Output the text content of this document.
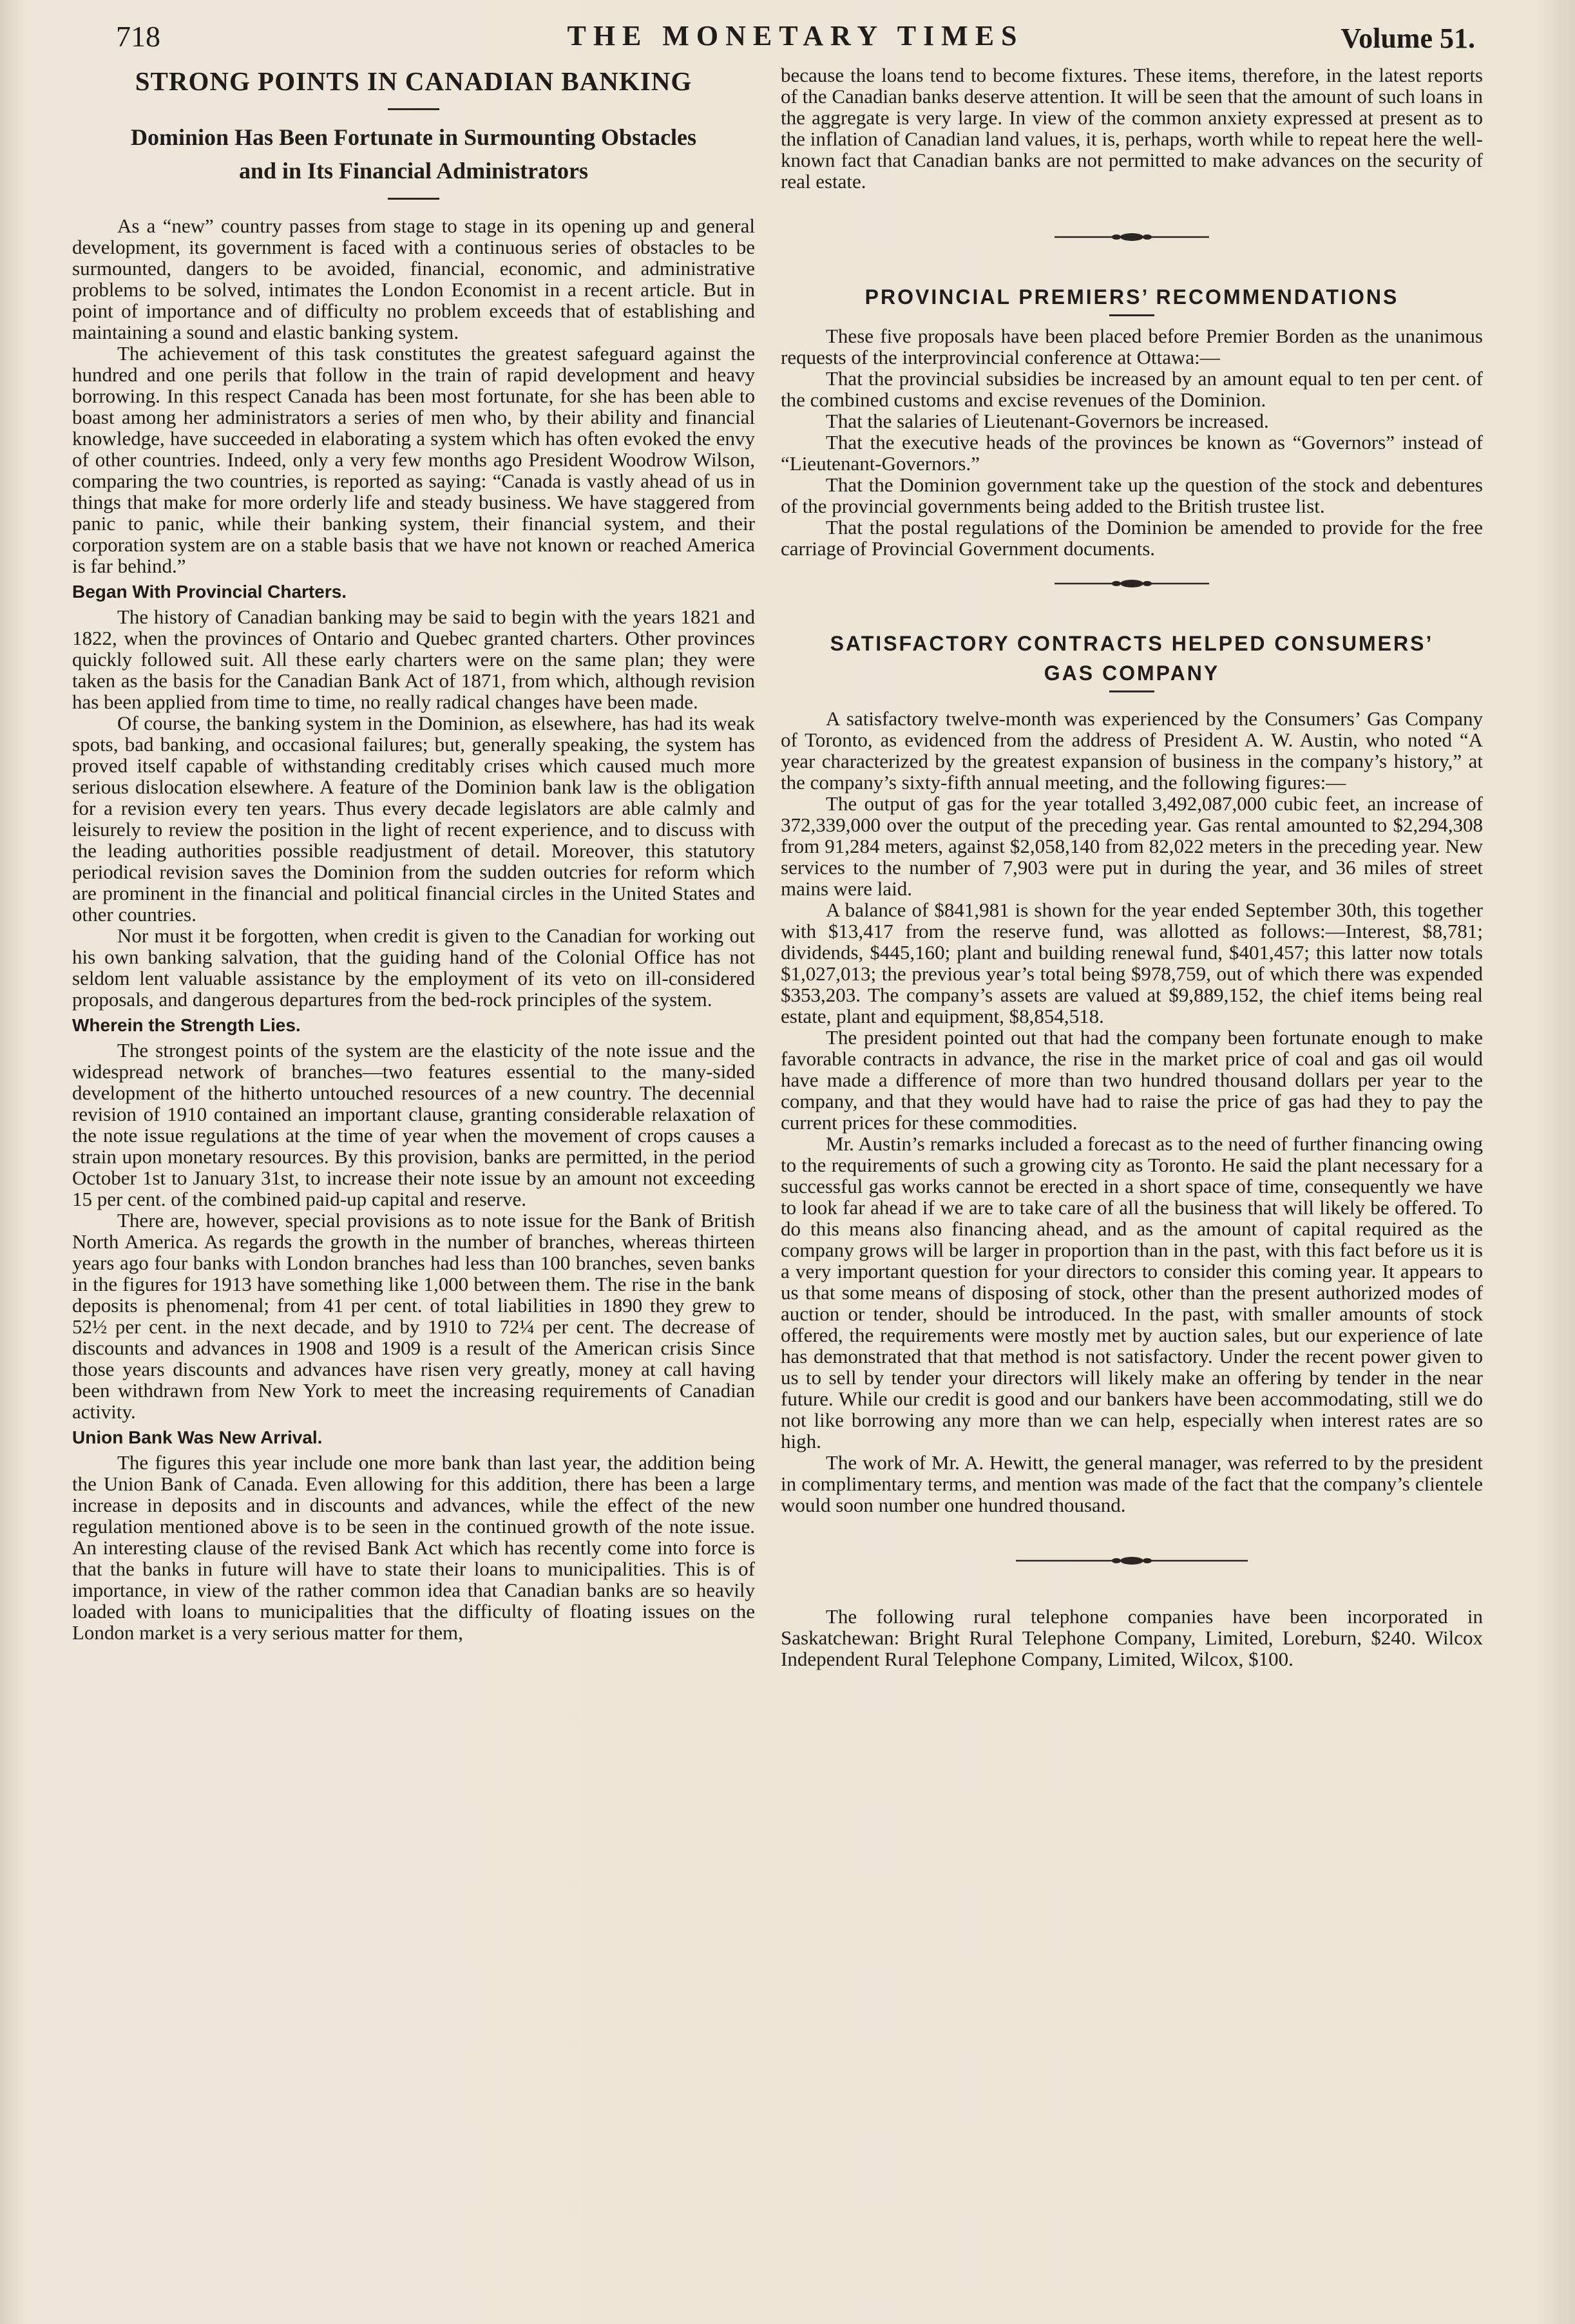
718	THE MONETARY TIMES	Volume 51.
STRONG POINTS IN CANADIAN BANKING
Dominion Has Been Fortunate in Surmounting Obstacles
and in Its Financial Administrators

As a “new” country passes from stage to stage in its opening up and general development, its government is faced with a continuous series of obstacles to be surmounted, dangers to be avoided, financial, economic, and administrative problems to be solved, intimates the London Economist in a recent article. But in point of importance and of difficulty no problem exceeds that of establishing and maintaining a sound and elastic banking system.

The achievement of this task constitutes the greatest safeguard against the hundred and one perils that follow in the train of rapid development and heavy borrowing. In this respect Canada has been most fortunate, for she has been able to boast among her administrators a series of men who, by their ability and financial knowledge, have succeeded in elaborating a system which has often evoked the envy of other countries. Indeed, only a very few months ago President Woodrow Wilson, comparing the two countries, is reported as saying: “Canada is vastly ahead of us in things that make for more orderly life and steady business. We have staggered from panic to panic, while their banking system, their financial system, and their corporation system are on a stable basis that we have not known or reached America is far behind.”

Began With Provincial Charters.

The history of Canadian banking may be said to begin with the years 1821 and 1822, when the provinces of Ontario and Quebec granted charters. Other provinces quickly followed suit. All these early charters were on the same plan; they were taken as the basis for the Canadian Bank Act of 1871, from which, although revision has been applied from time to time, no really radical changes have been made.

Of course, the banking system in the Dominion, as elsewhere, has had its weak spots, bad banking, and occasional failures; but, generally speaking, the system has proved itself capable of withstanding creditably crises which caused much more serious dislocation elsewhere. A feature of the Dominion bank law is the obligation for a revision every ten years. Thus every decade legislators are able calmly and leisurely to review the position in the light of recent experience, and to discuss with the leading authorities possible readjustment of detail. Moreover, this statutory periodical revision saves the Dominion from the sudden outcries for reform which are prominent in the financial and political financial circles in the United States and other countries.

Nor must it be forgotten, when credit is given to the Canadian for working out his own banking salvation, that the guiding hand of the Colonial Office has not seldom lent valuable assistance by the employment of its veto on ill-considered proposals, and dangerous departures from the bed-rock principles of the system.

Wherein the Strength Lies.

The strongest points of the system are the elasticity of the note issue and the widespread network of branches—two features essential to the many-sided development of the hitherto untouched resources of a new country. The decennial revision of 1910 contained an important clause, granting considerable relaxation of the note issue regulations at the time of year when the movement of crops causes a strain upon monetary resources. By this provision, banks are permitted, in the period October 1st to January 31st, to increase their note issue by an amount not exceeding 15 per cent. of the combined paid-up capital and reserve.

There are, however, special provisions as to note issue for the Bank of British North America. As regards the growth in the number of branches, whereas thirteen years ago four banks with London branches had less than 100 branches, seven banks in the figures for 1913 have something like 1,000 between them. The rise in the bank deposits is phenomenal; from 41 per cent. of total liabilities in 1890 they grew to 52½ per cent. in the next decade, and by 1910 to 72¼ per cent. The decrease of discounts and advances in 1908 and 1909 is a result of the American crisis Since those years discounts and advances have risen very greatly, money at call having been withdrawn from New York to meet the increasing requirements of Canadian activity.

Union Bank Was New Arrival.

The figures this year include one more bank than last year, the addition being the Union Bank of Canada. Even allowing for this addition, there has been a large increase in deposits and in discounts and advances, while the effect of the new regulation mentioned above is to be seen in the continued growth of the note issue. An interesting clause of the revised Bank Act which has recently come into force is that the banks in future will have to state their loans to municipalities. This is of importance, in view of the rather common idea that Canadian banks are so heavily loaded with loans to municipalities that the difficulty of floating issues on the London market is a very serious matter for them,

because the loans tend to become fixtures. These items, therefore, in the latest reports of the Canadian banks deserve attention. It will be seen that the amount of such loans in the aggregate is very large. In view of the common anxiety expressed at present as to the inflation of Canadian land values, it is, perhaps, worth while to repeat here the well-known fact that Canadian banks are not permitted to make advances on the security of real estate.

PROVINCIAL PREMIERS’ RECOMMENDATIONS

These five proposals have been placed before Premier Borden as the unanimous requests of the interprovincial conference at Ottawa:—

That the provincial subsidies be increased by an amount equal to ten per cent. of the combined customs and excise revenues of the Dominion.

That the salaries of Lieutenant-Governors be increased.

That the executive heads of the provinces be known as “Governors” instead of “Lieutenant-Governors.”

That the Dominion government take up the question of the stock and debentures of the provincial governments being added to the British trustee list.

That the postal regulations of the Dominion be amended to provide for the free carriage of Provincial Government documents.

SATISFACTORY CONTRACTS HELPED CONSUMERS’
GAS COMPANY

A satisfactory twelve-month was experienced by the Consumers’ Gas Company of Toronto, as evidenced from the address of President A. W. Austin, who noted “A year characterized by the greatest expansion of business in the company’s history,” at the company’s sixty-fifth annual meeting, and the following figures:—

The output of gas for the year totalled 3,492,087,000 cubic feet, an increase of 372,339,000 over the output of the preceding year. Gas rental amounted to $2,294,308 from 91,284 meters, against $2,058,140 from 82,022 meters in the preceding year. New services to the number of 7,903 were put in during the year, and 36 miles of street mains were laid.

A balance of $841,981 is shown for the year ended September 30th, this together with $13,417 from the reserve fund, was allotted as follows:—Interest, $8,781; dividends, $445,160; plant and building renewal fund, $401,457; this latter now totals $1,027,013; the previous year’s total being $978,759, out of which there was expended $353,203. The company’s assets are valued at $9,889,152, the chief items being real estate, plant and equipment, $8,854,518.

The president pointed out that had the company been fortunate enough to make favorable contracts in advance, the rise in the market price of coal and gas oil would have made a difference of more than two hundred thousand dollars per year to the company, and that they would have had to raise the price of gas had they to pay the current prices for these commodities.

Mr. Austin’s remarks included a forecast as to the need of further financing owing to the requirements of such a growing city as Toronto. He said the plant necessary for a successful gas works cannot be erected in a short space of time, consequently we have to look far ahead if we are to take care of all the business that will likely be offered. To do this means also financing ahead, and as the amount of capital required as the company grows will be larger in proportion than in the past, with this fact before us it is a very important question for your directors to consider this coming year. It appears to us that some means of disposing of stock, other than the present authorized modes of auction or tender, should be introduced. In the past, with smaller amounts of stock offered, the requirements were mostly met by auction sales, but our experience of late has demonstrated that that method is not satisfactory. Under the recent power given to us to sell by tender your directors will likely make an offering by tender in the near future. While our credit is good and our bankers have been accommodating, still we do not like borrowing any more than we can help, especially when interest rates are so high.

The work of Mr. A. Hewitt, the general manager, was referred to by the president in complimentary terms, and mention was made of the fact that the company’s clientele would soon number one hundred thousand.

The following rural telephone companies have been incorporated in Saskatchewan: Bright Rural Telephone Company, Limited, Loreburn, $240. Wilcox Independent Rural Telephone Company, Limited, Wilcox, $100.
